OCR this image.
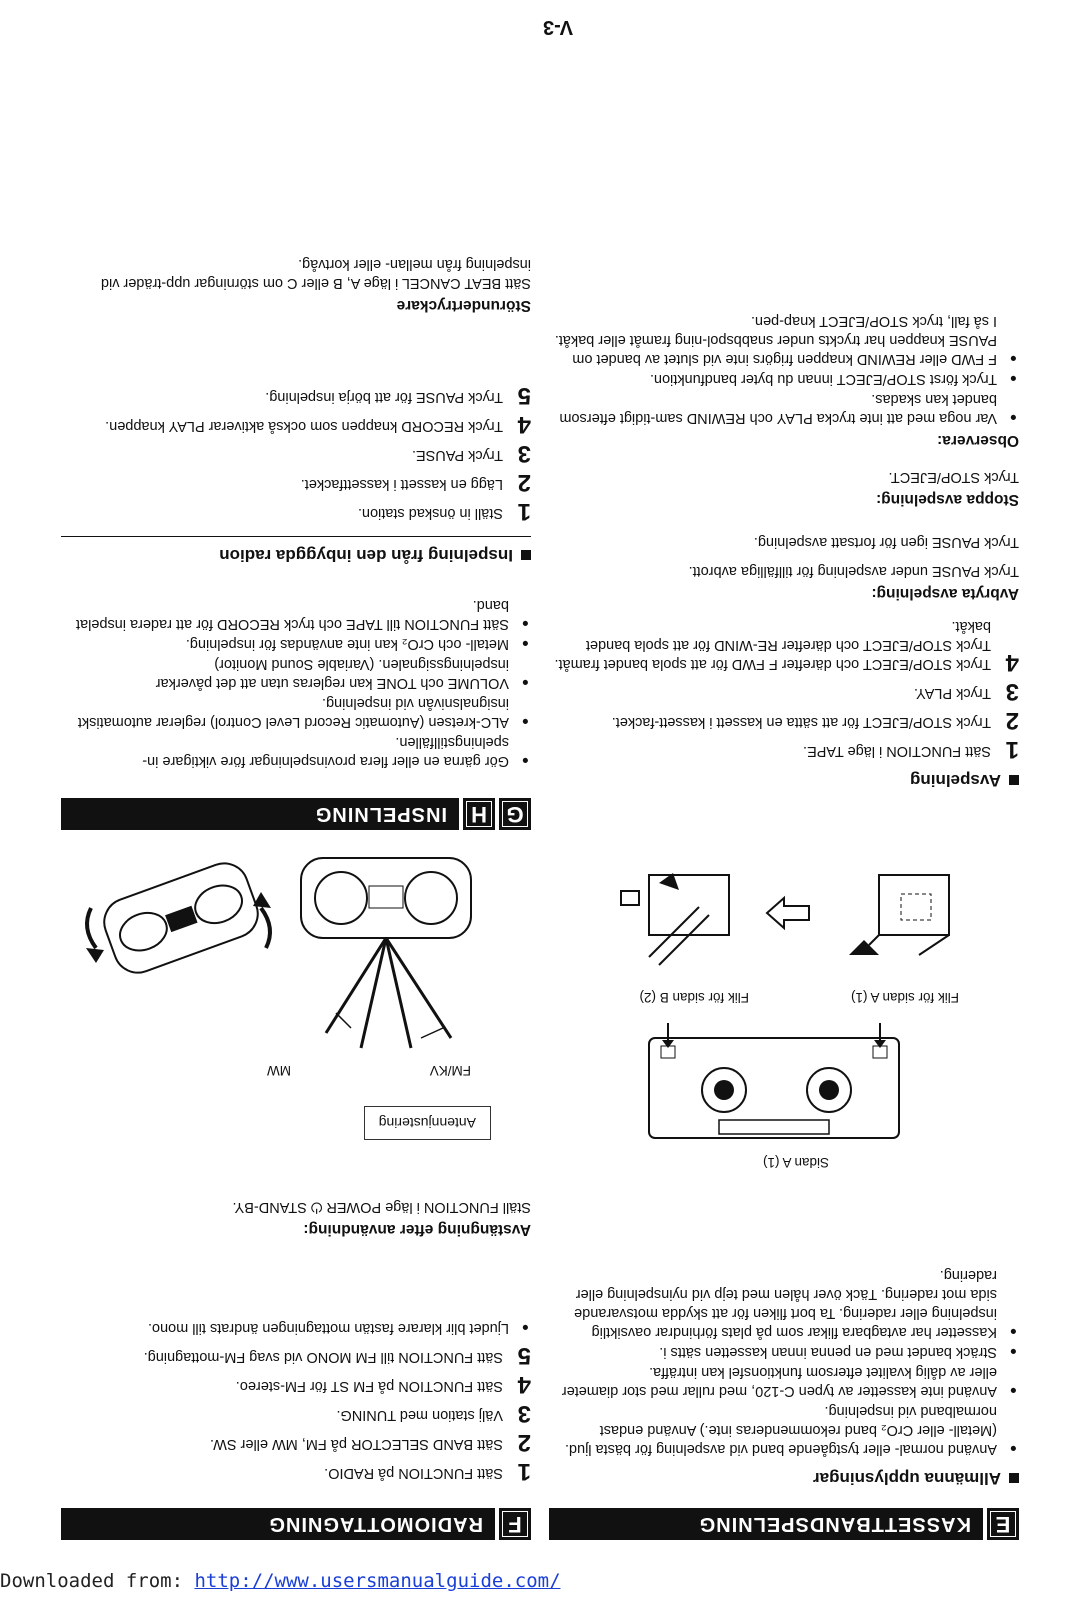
V-3
E
KASSETTBANDSPELNING
Allmänna upplysningar
● Använd normal- eller tystgående band vid avspelning för bästa ljud. (Metall- eller CrO₂ band rekommenderas inte.) Använd endast normalband vid inspelning.
● Använd inte kassetter av typen C-120, med rullar med stor diameter eller av dålig kvalitet eftersom funktionsfel kan inträffa.
● Sträck bandet med en penna innan kassetten sätts i.
● Kassetter har avtagbara flikar som på plats förhindrar oavsiktlig inspelning eller radering. Ta bort fliken för att skydda motsvarande sida mot radering. Täck över hålen med tejp vid nyinspelning eller radering.
Sidan A (1)
Flik för sidan A (1)
Flik för sidan B (2)
Avspelning
1
Sätt FUNCTION i läge TAPE.
2
Tryck STOP/EJECT för att sätta en kassett i kassett-facket.
3
Tryck PLAY.
4
Tryck STOP/EJECT och därefter F FWD för att spola bandet framåt. Tryck STOP/EJECT och därefter RE-WIND för att spola bandet bakåt.
Avbryta avspelning:

Tryck PAUSE under avspelning för tillfälliga avbrott.

Tryck PAUSE igen för fortsatt avspelning.

Stoppa avspelning:

Tryck STOP/EJECT.

Observera:
● Var noga med att inte trycka PLAY och REWIND sam-tidigt eftersom bandet kan skadas.
● Tryck först STOP/EJECT innan du byter bandfunktion.
● F FWD eller REWIND knappen frigörs inte vid slutet av bandet om PAUSE knappen har tryckts under snabbspol-ning framåt eller bakåt. I så fall, tryck STOP/EJECT knap-pen.
F
RADIOMOTTAGNING
1
Sätt FUNCTION på RADIO.
2
Sätt BAND SELECTOR på FM, MW eller SW.
3
Välj station med TUNING.
4
Sätt FUNCTION på FM ST för FM-stereo.
5
Sätt FUNCTION till FM MONO vid svag FM-mottagning.
● Ljudet blir klarare fastän mottagningen ändrats till mono.
Avstängning efter användning:

Ställ FUNCTION i läge POWER ⏻ STAND-BY.

Antennjustering
FM/KV
MW
G
H
INSPELNING
● Gör gärna en eller flera provinspelningar före viktigare in-spelningstillfällen.
● ALC-kretsen (Automatic Record Level Control) reglerar automatiskt insignalsnivån vid inspelning.
● VOLUME och TONE kan regleras utan att det påverkar inspelningssignalen. (Variable Sound Monitor)
● Metall- och CrO₂ kan inte användas för inspelning.
● Sätt FUNCTION till TAPE och tryck RECORD för att radera inspelat band.
Inspelning från den inbyggda radion
1
Ställ in önskad station.
2
Lägg en kassett i kassettfacket.
3
Tryck PAUSE.
4
Tryck RECORD knappen som också aktiverar PLAY knappen.
5
Tryck PAUSE för att börja inspelning.
Störundertryckare

Sätt BEAT CANCEL i läge A, B eller C om störningar upp-träder vid inspelning från mellan- eller kortvåg.

Downloaded from: http://www.usersmanualguide.com/
